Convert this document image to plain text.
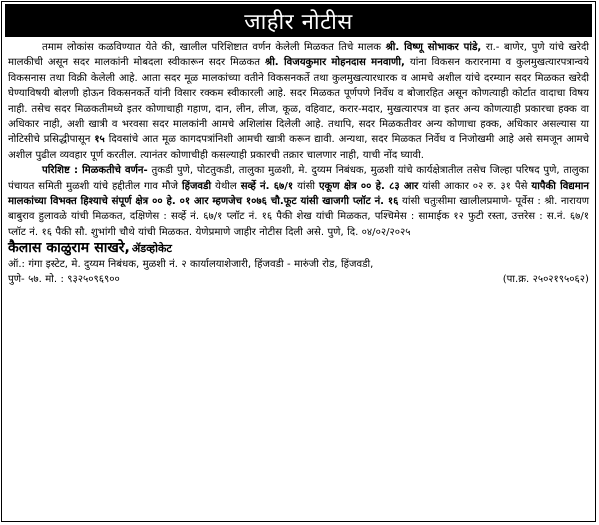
जाहीर नोटीस

तमाम लोकांस कळविण्यात येते की, खालील परिशिष्टात वर्णन केलेली मिळकत तिचे मालक श्री. विष्णू सोभाकर पांडे, रा.- बाणेर, पुणे यांचे खरेदी मालकीची असून सदर मालकांनी मोबदला स्वीकारून सदर मिळकत श्री. विजयकुमार मोहनदास मनवाणी, यांना विकसन करारनामा व कुलमुखत्यारपत्रान्वये विकसनास तथा विक्री केलेली आहे. आता सदर मूळ मालकांच्या वतीने विकसनकर्ते तथा कुलमुखत्यारधारक व आमचे अशील यांचे दरम्यान सदर मिळकत खरेदी घेण्याविषयी बोलणी होऊन विकसनकर्ते यांनी विसार रक्कम स्वीकारली आहे. सदर मिळकत पूर्णपणे निर्वेध व बोजारहित असून कोणत्याही कोर्टात वादाचा विषय नाही. तसेच सदर मिळकतीमध्ये इतर कोणाचाही गहाण, दान, लीन, लीज, कूळ, वहिवाट, करार-मदार, मुखत्यारपत्र वा इतर अन्य कोणत्याही प्रकारचा हक्क वा अधिकार नाही, अशी खात्री व भरवसा सदर मालकांनी आमचे अशिलांस दिलेली आहे. तथापि, सदर मिळकतीवर अन्य कोणाचा हक्क, अधिकार असल्यास या नोटिसीचे प्रसिद्धीपासून १५ दिवसांचे आत मूळ कागदपत्रांनिशी आमची खात्री करून द्यावी. अन्यथा, सदर मिळकत निर्वेध व निजोखमी आहे असे समजून आमचे अशील पुढील व्यवहार पूर्ण करतील. त्यानंतर कोणाचीही कसल्याही प्रकारची तक्रार चालणार नाही, याची नोंद घ्यावी.

परिशिष्ट : मिळकतीचे वर्णन- तुकडी पुणे, पोटतुकडी, तालुका मुळशी, मे. दुय्यम निबंधक, मुळशी यांचे कार्यक्षेत्रातील तसेच जिल्हा परिषद पुणे, तालुका पंचायत समिती मुळशी यांचे हद्दीतील गाव मौजे हिंजवडी येथील सर्व्हे नं. ६७/१ यांसी एकूण क्षेत्र ०० हे. ८३ आर यांसी आकार ०२ रु. ३१ पैसे यापैकी विद्यमान मालकांच्या विभक्त हिश्याचे संपूर्ण क्षेत्र ०० हे. ०१ आर म्हणजेच १०७६ चौ.फूट यांसी खाजगी प्लॉट नं. १६ यांसी चतुःसीमा खालीलप्रमाणे- पूर्वेस : श्री. नारायण बाबुराव हुलावळे यांची मिळकत, दक्षिणेस : सर्व्हे नं. ६७/१ प्लॉट नं. १६ पैकी शेख यांची मिळकत, पश्चिमेस : सामाईक १२ फुटी रस्ता, उत्तरेस : स.नं. ६७/१ प्लॉट नं. १६ पैकी सौ. शुभांगी चौथे यांची मिळकत. येणेप्रमाणे जाहीर नोटीस दिली असे. पुणे, दि. ०४/०२/२०२५

कैलास काळुराम साखरे, ॲडव्होकेट
ऑ.: गंगा इस्टेट, मे. दुय्यम निबंधक, मुळशी नं. २ कार्यालयाशेजारी, हिंजवडी - मारुंजी रोड, हिंजवडी,
पुणे- ५७. मो. : ९३२५०९६९००	(पा.क्र. २५०२१९५०६२)
